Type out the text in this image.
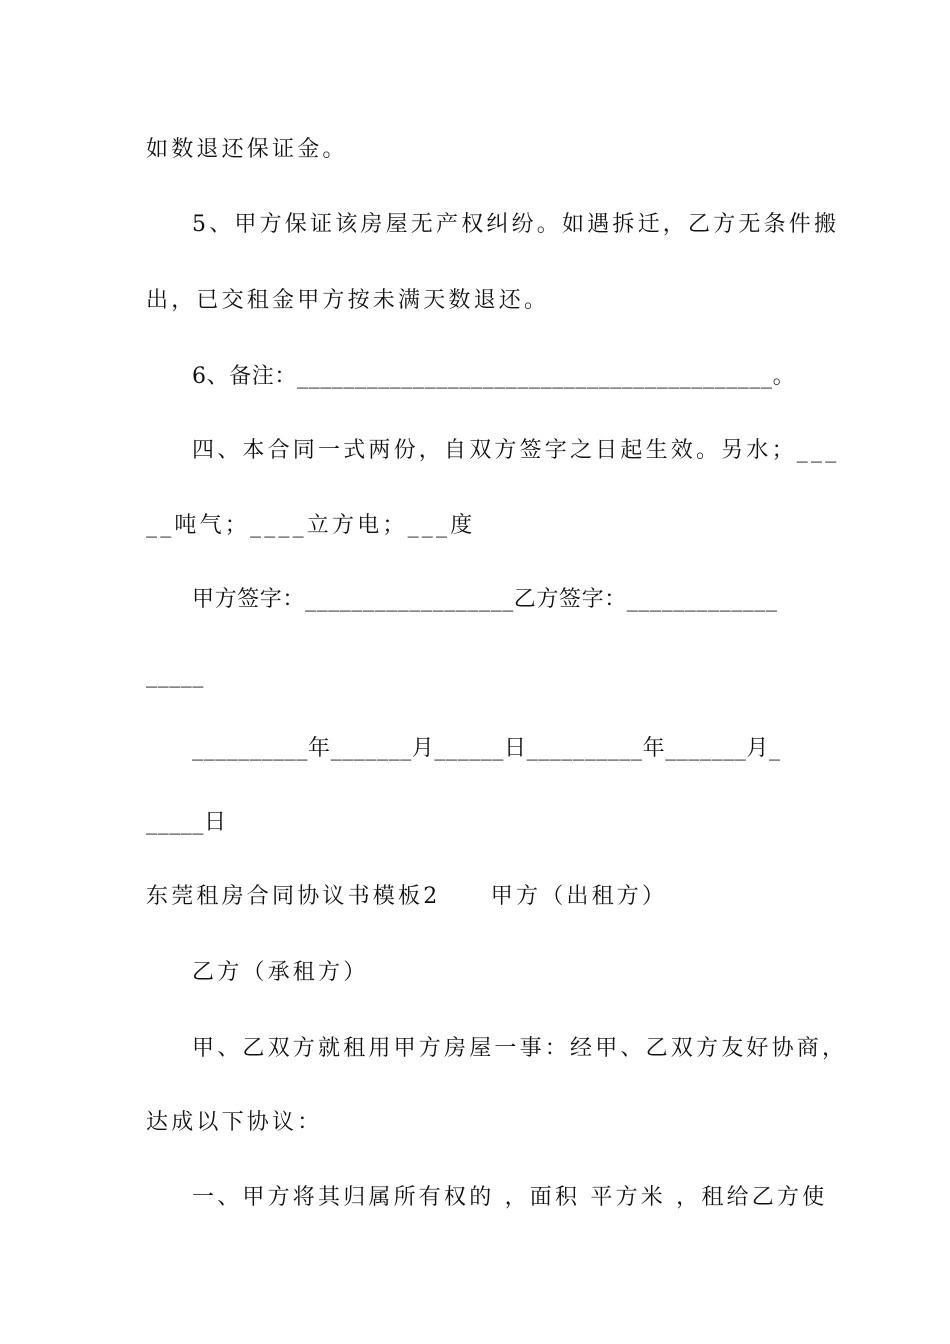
如数退还保证金。
5、甲方保证该房屋无产权纠纷。如遇拆迁，乙方无条件搬
出，已交租金甲方按未满天数退还。
6、备注：_________________________________________。
四、本合同一式两份，自双方签字之日起生效。另水；___
__吨气；____立方电；___度
甲方签字：__________________乙方签字：_____________
_____
__________年_______月______日__________年_______月_
_____日
东莞租房合同协议书模板2　　甲方（出租方）
乙方（承租方）
甲、乙双方就租用甲方房屋一事：经甲、乙双方友好协商，
达成以下协议：
一、甲方将其归属所有权的 ，面积 平方米 ，租给乙方使
